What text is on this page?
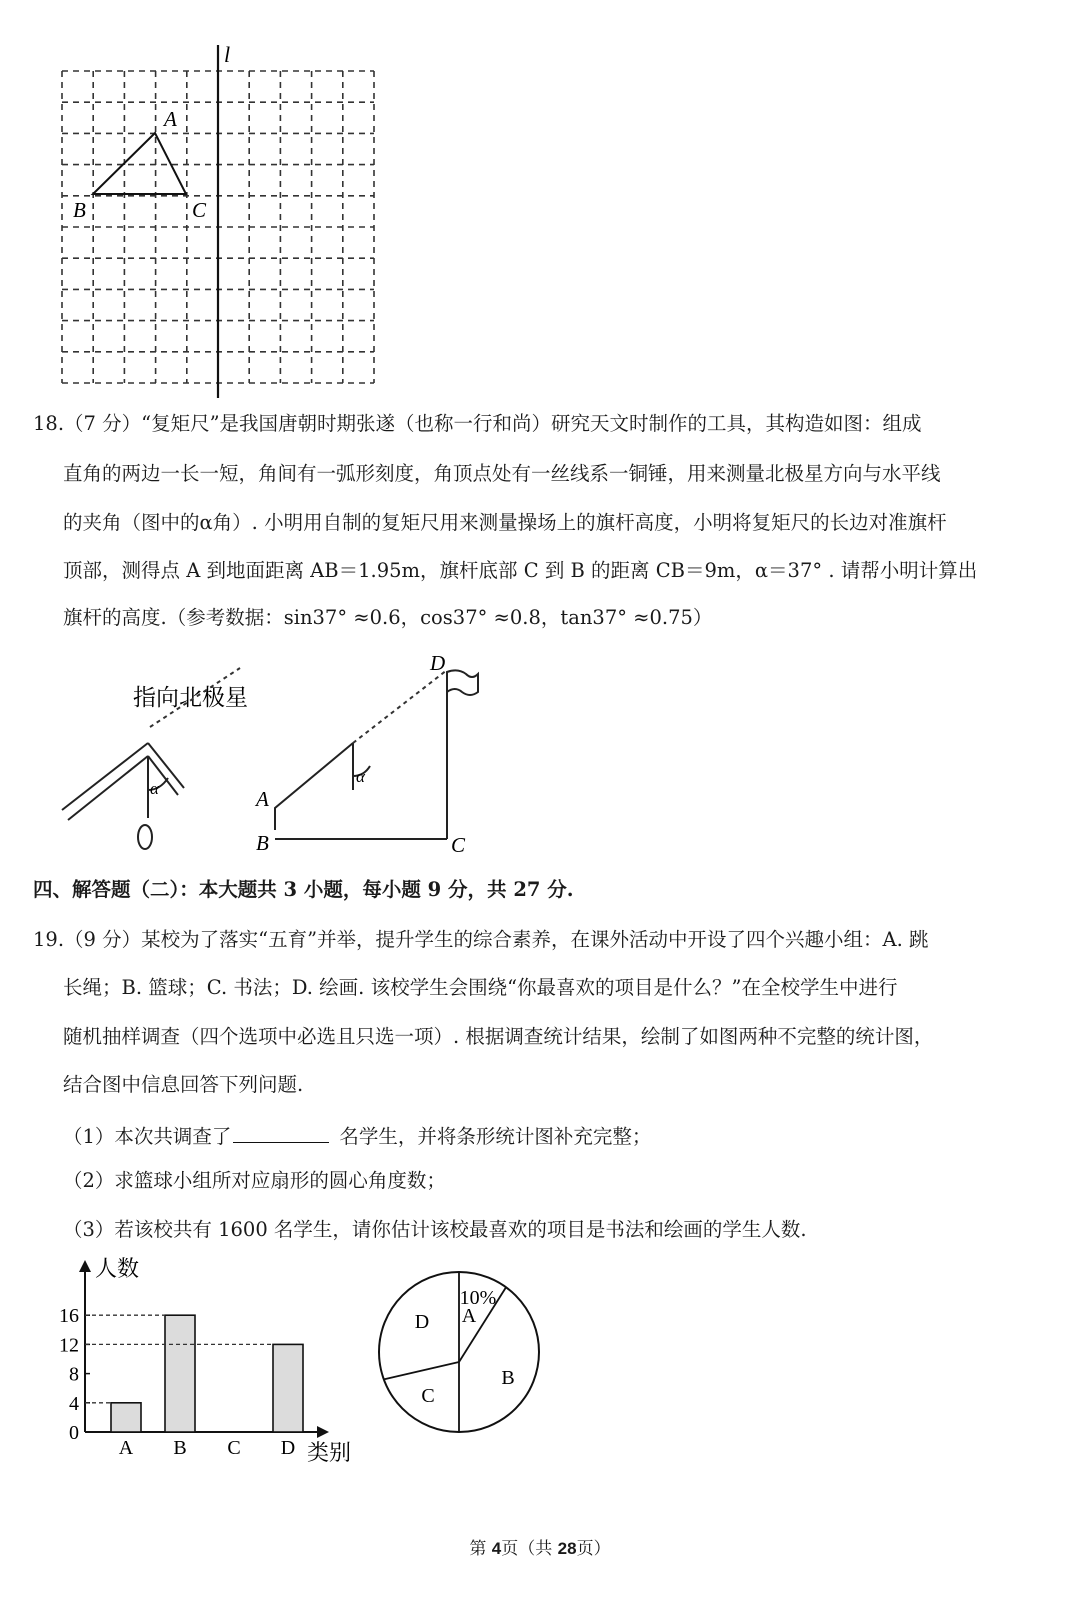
l
A
B	C
18.（7 分）“复矩尺”是我国唐朝时期张遂（也称一行和尚）研究天文时制作的工具，其构造如图：组成
直角的两边一长一短，角间有一弧形刻度，角顶点处有一丝线系一铜锤，用来测量北极星方向与水平线
的夹角（图中的α角）. 小明用自制的复矩尺用来测量操场上的旗杆高度，小明将复矩尺的长边对准旗杆
顶部，测得点 A 到地面距离 AB＝1.95m，旗杆底部 C 到 B 的距离 CB＝9m，α＝37° . 请帮小明计算出
旗杆的高度.（参考数据：sin37° ≈0.6，cos37° ≈0.8，tan37° ≈0.75）
指向北极星
α
α
D
A
B	C
四、解答题（二）：本大题共 3 小题，每小题 9 分，共 27 分.
19.（9 分）某校为了落实“五育”并举，提升学生的综合素养，在课外活动中开设了四个兴趣小组：A. 跳
长绳；B. 篮球；C. 书法；D. 绘画. 该校学生会围绕“你最喜欢的项目是什么？”在全校学生中进行
随机抽样调查（四个选项中必选且只选一项）. 根据调查统计结果，绘制了如图两种不完整的统计图，
结合图中信息回答下列问题.
（1）本次共调查了	名学生，并将条形统计图补充完整；
（2）求篮球小组所对应扇形的圆心角度数；
（3）若该校共有 1600 名学生，请你估计该校最喜欢的项目是书法和绘画的学生人数.
人数
类别
0
4
8
12
16
A B C D
A
B
C
D
10%
第 4页（共 28页）
